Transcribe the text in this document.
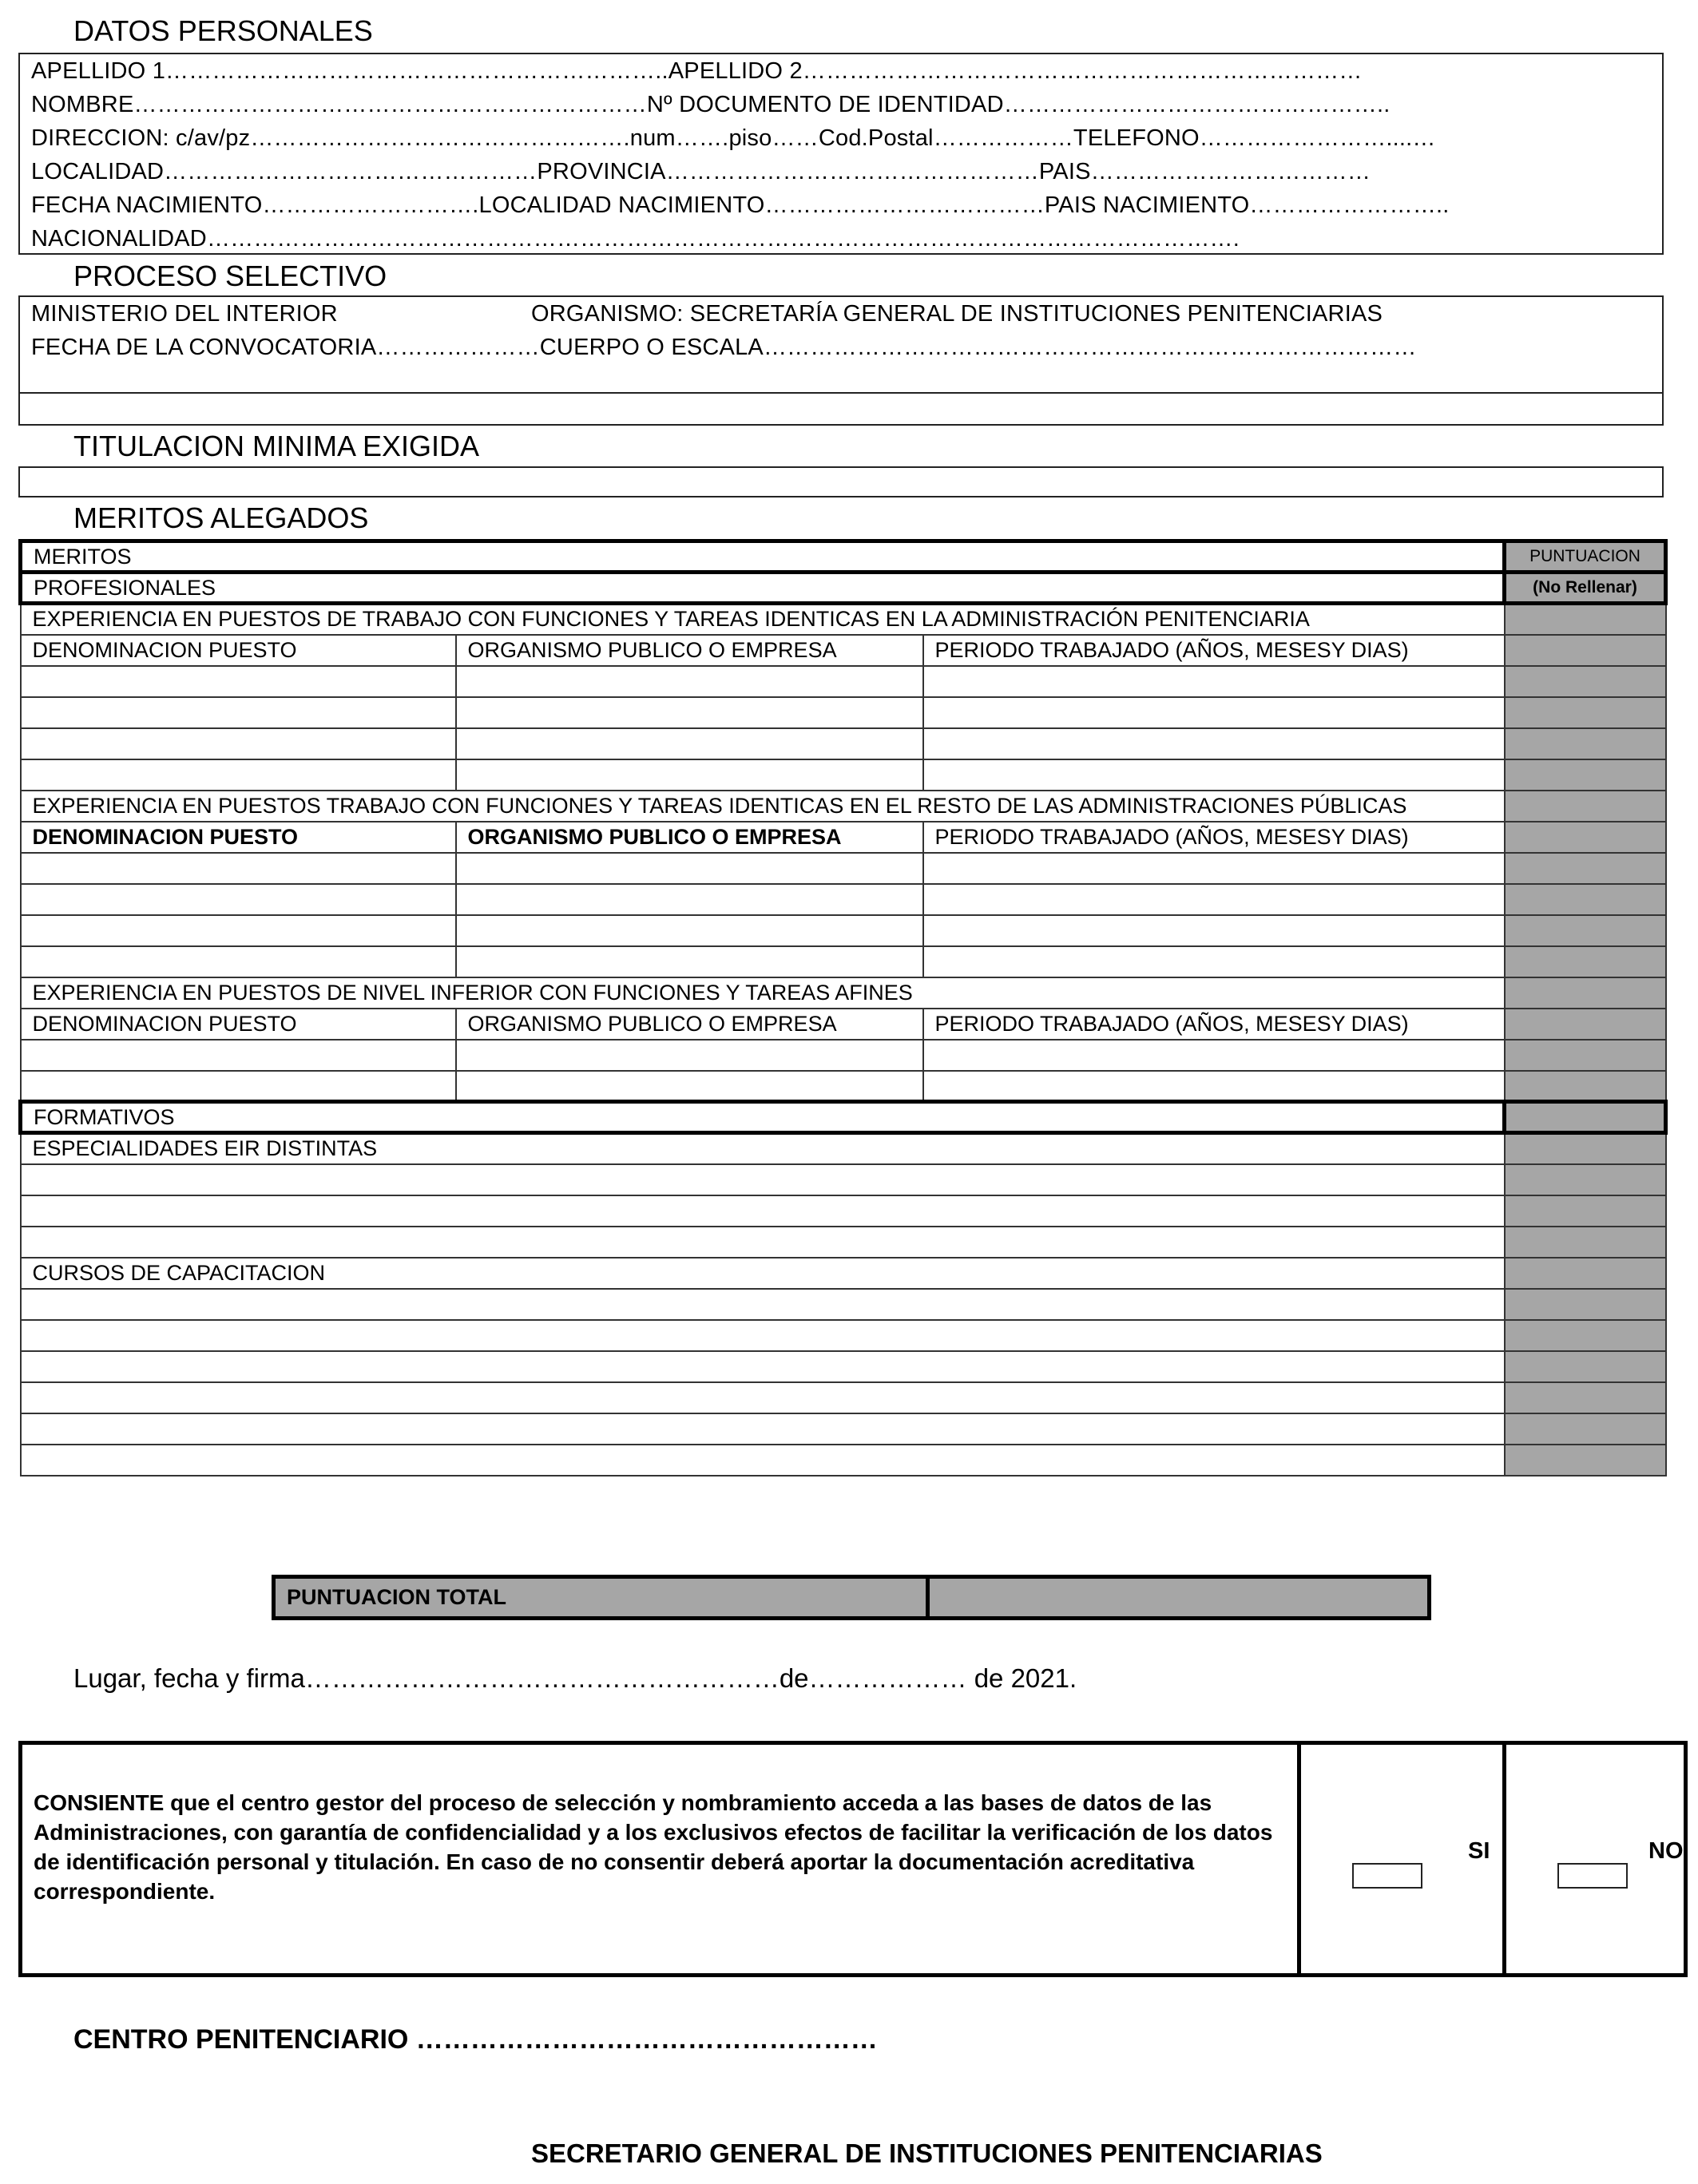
DATOS PERSONALES
APELLIDO 1………………………………………………………..APELLIDO 2………………………………………………………………
NOMBRE…………………………………………………………Nº DOCUMENTO DE IDENTIDAD…………………………………………..
DIRECCION: c/av/pz………………………………………….num…….piso……Cod.Postal………………TELEFONO……………………....…
LOCALIDAD…………………………………………PROVINCIA…………………………………………PAIS………………………………
FECHA NACIMIENTO……………………….LOCALIDAD NACIMIENTO………………………………PAIS NACIMIENTO……………………..
NACIONALIDAD…………………………………………………………………………………………………………………….
PROCESO SELECTIVO
MINISTERIO DEL INTERIOR	ORGANISMO: SECRETARÍA GENERAL DE INSTITUCIONES PENITENCIARIAS
FECHA DE LA CONVOCATORIA…………………CUERPO O ESCALA…………………………………………………………………………
TITULACION MINIMA EXIGIDA
MERITOS ALEGADOS
MERITOS			PUNTUACION
PROFESIONALES			(No Rellenar)
EXPERIENCIA EN PUESTOS DE TRABAJO CON FUNCIONES Y TAREAS IDENTICAS EN LA ADMINISTRACIÓN PENITENCIARIA			
DENOMINACION PUESTO	ORGANISMO PUBLICO O EMPRESA	PERIODO TRABAJADO (AÑOS, MESESY DIAS)	

EXPERIENCIA EN PUESTOS TRABAJO CON FUNCIONES Y TAREAS IDENTICAS EN EL RESTO DE LAS ADMINISTRACIONES PÚBLICAS			
DENOMINACION PUESTO	ORGANISMO PUBLICO O EMPRESA	PERIODO TRABAJADO (AÑOS, MESESY DIAS)	

EXPERIENCIA EN PUESTOS DE NIVEL INFERIOR CON FUNCIONES Y TAREAS AFINES			
DENOMINACION PUESTO	ORGANISMO PUBLICO O EMPRESA	PERIODO TRABAJADO (AÑOS, MESESY DIAS)	

FORMATIVOS			
ESPECIALIDADES EIR DISTINTAS			

CURSOS DE CAPACITACION			

PUNTUACION TOTAL
Lugar, fecha y firma………………………………………………de……………… de 2021.
CONSIENTE que el centro gestor del proceso de selección y nombramiento acceda a las bases de datos de las Administraciones, con garantía de confidencialidad y a los exclusivos efectos de facilitar la verificación de los datos de identificación personal y titulación. En caso de no consentir deberá aportar la documentación acreditativa correspondiente.
SI	NO
CENTRO PENITENCIARIO ……………………………………………
SECRETARIO GENERAL DE INSTITUCIONES PENITENCIARIAS
